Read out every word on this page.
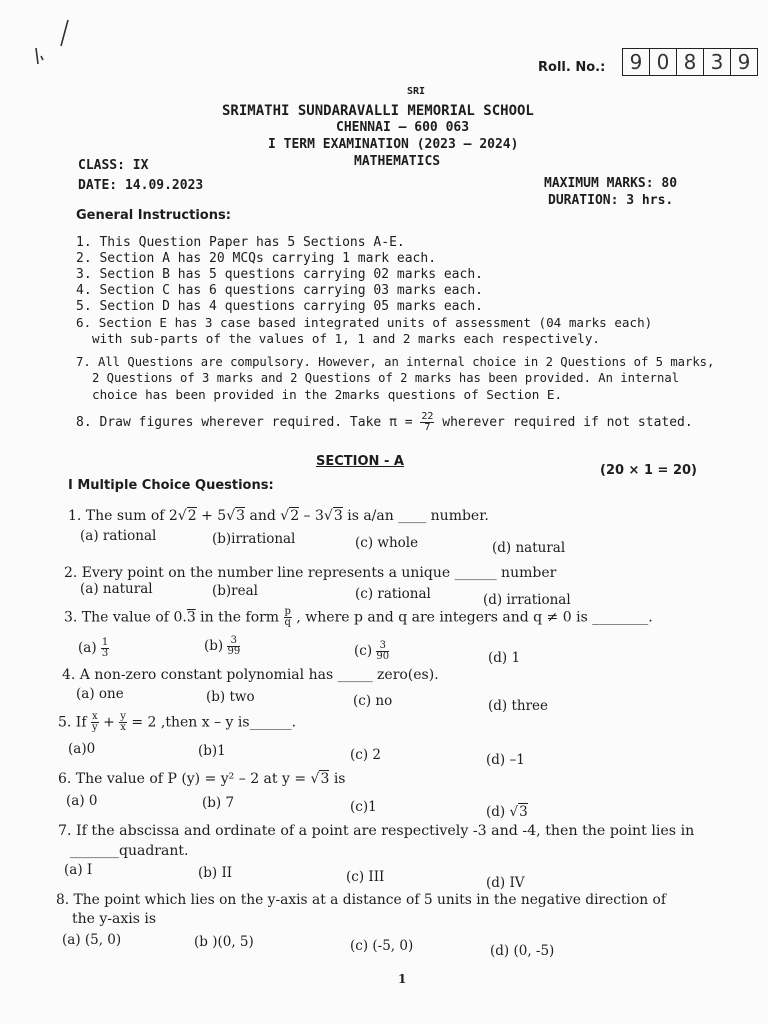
Roll. No.:	9 0 8 3 9
SRI
SRIMATHI SUNDARAVALLI MEMORIAL SCHOOL
CHENNAI – 600 063
I TERM EXAMINATION (2023 – 2024)
MATHEMATICS
CLASS: IX
DATE: 14.09.2023	MAXIMUM MARKS: 80
DURATION: 3 hrs.
General Instructions:
1. This Question Paper has 5 Sections A-E.
2. Section A has 20 MCQs carrying 1 mark each.
3. Section B has 5 questions carrying 02 marks each.
4. Section C has 6 questions carrying 03 marks each.
5. Section D has 4 questions carrying 05 marks each.
6. Section E has 3 case based integrated units of assessment (04 marks each)
with sub-parts of the values of 1, 1 and 2 marks each respectively.
7. All Questions are compulsory. However, an internal choice in 2 Questions of 5 marks,
2 Questions of 3 marks and 2 Questions of 2 marks has been provided. An internal
choice has been provided in the 2marks questions of Section E.
8. Draw figures wherever required. Take $\pi = \frac{22}{7}$ wherever required if not stated.
SECTION - A
(20 × 1 = 20)
I Multiple Choice Questions:
1. The sum of 2√2 + 5√3 and √2 – 3√3 is a/an ____ number.
(a) rational	(b)irrational	(c) whole	(d) natural
2. Every point on the number line represents a unique ______ number
(a) natural	(b)real	(c) rational	(d) irrational
3. The value of 0.3 in the form $\frac{p}{q}$ , where p and q are integers and q ≠ 0 is ________.
$(a) \frac{1}{3}$	$(b) \frac{3}{99}$	$(c) \frac{3}{90}$	(d) 1
4. A non-zero constant polynomial has _____ zero(es).
(a) one	(b) two	(c) no	(d) three
5. If $\frac{x}{y} + \frac{y}{x} = 2$ ,then x – y is______.
(a)0	(b)1	(c) 2	(d) –1
6. The value of P (y) = y² – 2 at y = √3 is
(a) 0	(b) 7	(c)1	(d) √3
7. If the abscissa and ordinate of a point are respectively -3 and -4, then the point lies in
_______quadrant.
(a) I	(b) II	(c) III	(d) IV
8. The point which lies on the y-axis at a distance of 5 units in the negative direction of
the y-axis is
(a) (5, 0)	(b )(0, 5)	(c) (-5, 0)	(d) (0, -5)
1
